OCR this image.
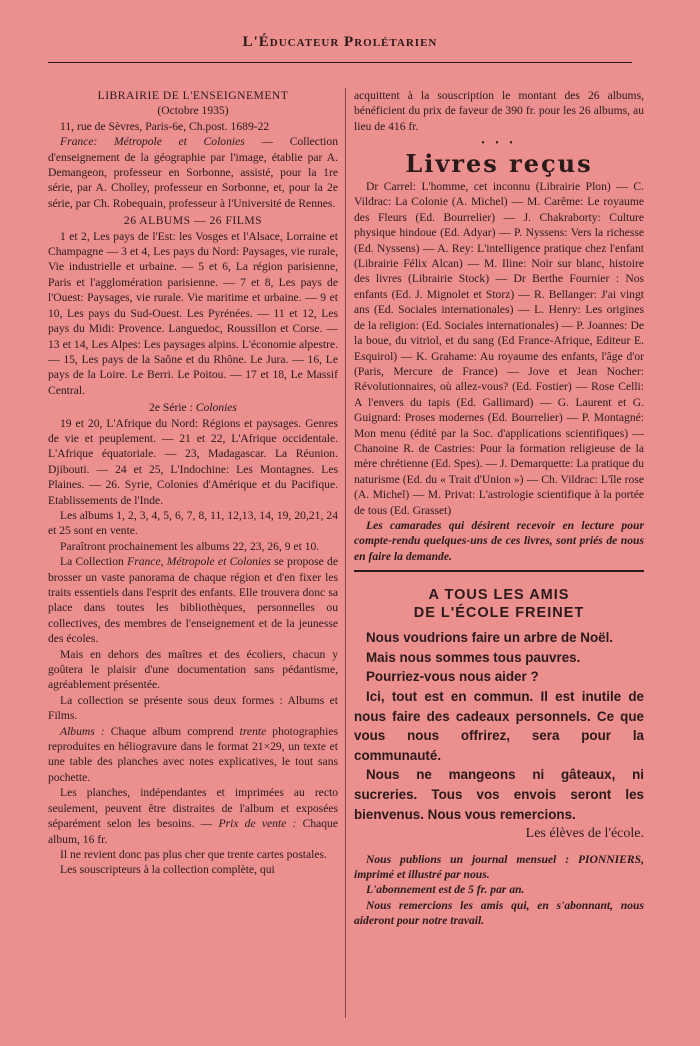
L'Éducateur Prolétarien

LIBRAIRIE DE L'ENSEIGNEMENT

(Octobre 1935)

11, rue de Sèvres, Paris-6e, Ch.post. 1689-22

France: Métropole et Colonies — Collection d'enseignement de la géographie par l'image, établie par A. Demangeon, professeur en Sorbonne, assisté, pour la 1re série, par A. Cholley, professeur en Sorbonne, et, pour la 2e série, par Ch. Robequain, professeur à l'Université de Rennes.

26 ALBUMS — 26 FILMS

1 et 2, Les pays de l'Est: les Vosges et l'Alsace, Lorraine et Champagne — 3 et 4, Les pays du Nord: Paysages, vie rurale, Vie industrielle et urbaine. — 5 et 6, La région parisienne, Paris et l'agglomération parisienne. — 7 et 8, Les pays de l'Ouest: Paysages, vie rurale. Vie maritime et urbaine. — 9 et 10, Les pays du Sud-Ouest. Les Pyrénées. — 11 et 12, Les pays du Midi: Provence. Languedoc, Roussillon et Corse. — 13 et 14, Les Alpes: Les paysages alpins. L'économie alpestre. — 15, Les pays de la Saône et du Rhône. Le Jura. — 16, Le pays de la Loire. Le Berri. Le Poitou. — 17 et 18, Le Massif Central.

2e Série : Colonies

19 et 20, L'Afrique du Nord: Régions et paysages. Genres de vie et peuplement. — 21 et 22, L'Afrique occidentale. L'Afrique équatoriale. — 23, Madagascar. La Réunion. Djibouti. — 24 et 25, L'Indochine: Les Montagnes. Les Plaines. — 26. Syrie, Colonies d'Amérique et du Pacifique. Etablissements de l'Inde.

Les albums 1, 2, 3, 4, 5, 6, 7, 8, 11, 12,13, 14, 19, 20,21, 24 et 25 sont en vente.

Paraîtront prochainement les albums 22, 23, 26, 9 et 10.

La Collection France, Métropole et Colonies se propose de brosser un vaste panorama de chaque région et d'en fixer les traits essentiels dans l'esprit des enfants. Elle trouvera donc sa place dans toutes les bibliothèques, personnelles ou collectives, des membres de l'enseignement et de la jeunesse des écoles.

Mais en dehors des maîtres et des écoliers, chacun y goûtera le plaisir d'une documentation sans pédantisme, agréablement présentée.

La collection se présente sous deux formes : Albums et Films.

Albums : Chaque album comprend trente photographies reproduites en héliogravure dans le format 21×29, un texte et une table des planches avec notes explicatives, le tout sans pochette.

Les planches, indépendantes et imprimées au recto seulement, peuvent être distraites de l'album et exposées séparément selon les besoins. — Prix de vente : Chaque album, 16 fr.

Il ne revient donc pas plus cher que trente cartes postales.

Les souscripteurs à la collection complète, qui

acquittent à la souscription le montant des 26 albums, bénéficient du prix de faveur de 390 fr. pour les 26 albums, au lieu de 416 fr.

• • •
Livres reçus

Dr Carrel: L'homme, cet inconnu (Librairie Plon) — C. Vildrac: La Colonie (A. Michel) — M. Carême: Le royaume des Fleurs (Ed. Bourrelier) — J. Chakraborty: Culture physique hindoue (Ed. Adyar) — P. Nyssens: Vers la richesse (Ed. Nyssens) — A. Rey: L'intelligence pratique chez l'enfant (Librairie Félix Alcan) — M. Iline: Noir sur blanc, histoire des livres (Librairie Stock) — Dr Berthe Fournier : Nos enfants (Ed. J. Mignolet et Storz) — R. Bellanger: J'ai vingt ans (Ed. Sociales internationales) — L. Henry: Les origines de la religion: (Ed. Sociales internationales) — P. Joannes: De la boue, du vitriol, et du sang (Ed France-Afrique, Editeur E. Esquirol) — K. Grahame: Au royaume des enfants, l'âge d'or (Paris, Mercure de France) — Jove et Jean Nocher: Révolutionnaires, où allez-vous? (Ed. Fostier) — Rose Celli: A l'envers du tapis (Ed. Gallimard) — G. Laurent et G. Guignard: Proses modernes (Ed. Bourrelier) — P. Montagné: Mon menu (édité par la Soc. d'applications scientifiques) — Chanoine R. de Castries: Pour la formation religieuse de la mère chrétienne (Ed. Spes). — J. Demarquette: La pratique du naturisme (Ed. du « Trait d'Union ») — Ch. Vildrac: L'île rose (A. Michel) — M. Privat: L'astrologie scientifique à la portée de tous (Ed. Grasset)

Les camarades qui désirent recevoir en lecture pour compte-rendu quelques-uns de ces livres, sont priés de nous en faire la demande.

A TOUS LES AMIS
DE L'ÉCOLE FREINET

Nous voudrions faire un arbre de Noël.

Mais nous sommes tous pauvres.

Pourriez-vous nous aider ?

Ici, tout est en commun. Il est inutile de nous faire des cadeaux personnels. Ce que vous nous offrirez, sera pour la communauté.

Nous ne mangeons ni gâteaux, ni sucreries. Tous vos envois seront les bienvenus. Nous vous remercions.

Les élèves de l'école.

Nous publions un journal mensuel : PIONNIERS, imprimé et illustré par nous.

L'abonnement est de 5 fr. par an.

Nous remercions les amis qui, en s'abonnant, nous aideront pour notre travail.
